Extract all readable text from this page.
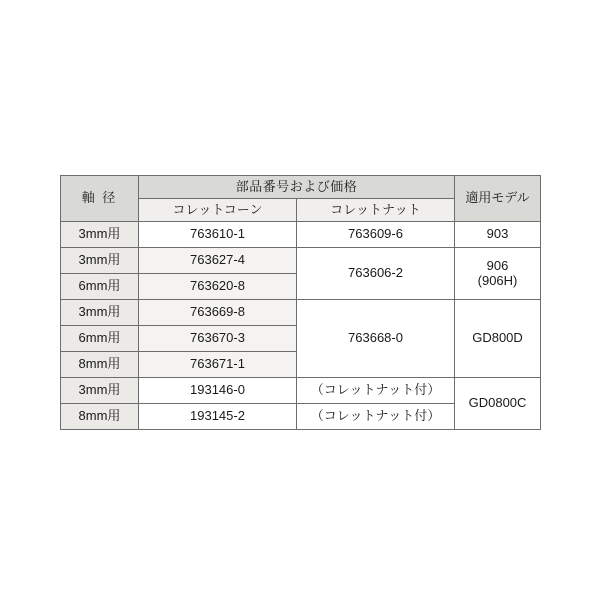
軸 径	部品番号および価格		適用モデル
	コレットコーン	コレットナット	
3mm用	763610-1	763609-6	903
3mm用	763627-4	763606-2	906
(906H)

6mm用	763620-8		
3mm用	763669-8	763668-0	GD800D
6mm用	763670-3		
8mm用	763671-1		
3mm用	193146-0	（コレットナット付）	GD0800C
8mm用	193145-2	（コレットナット付）	
